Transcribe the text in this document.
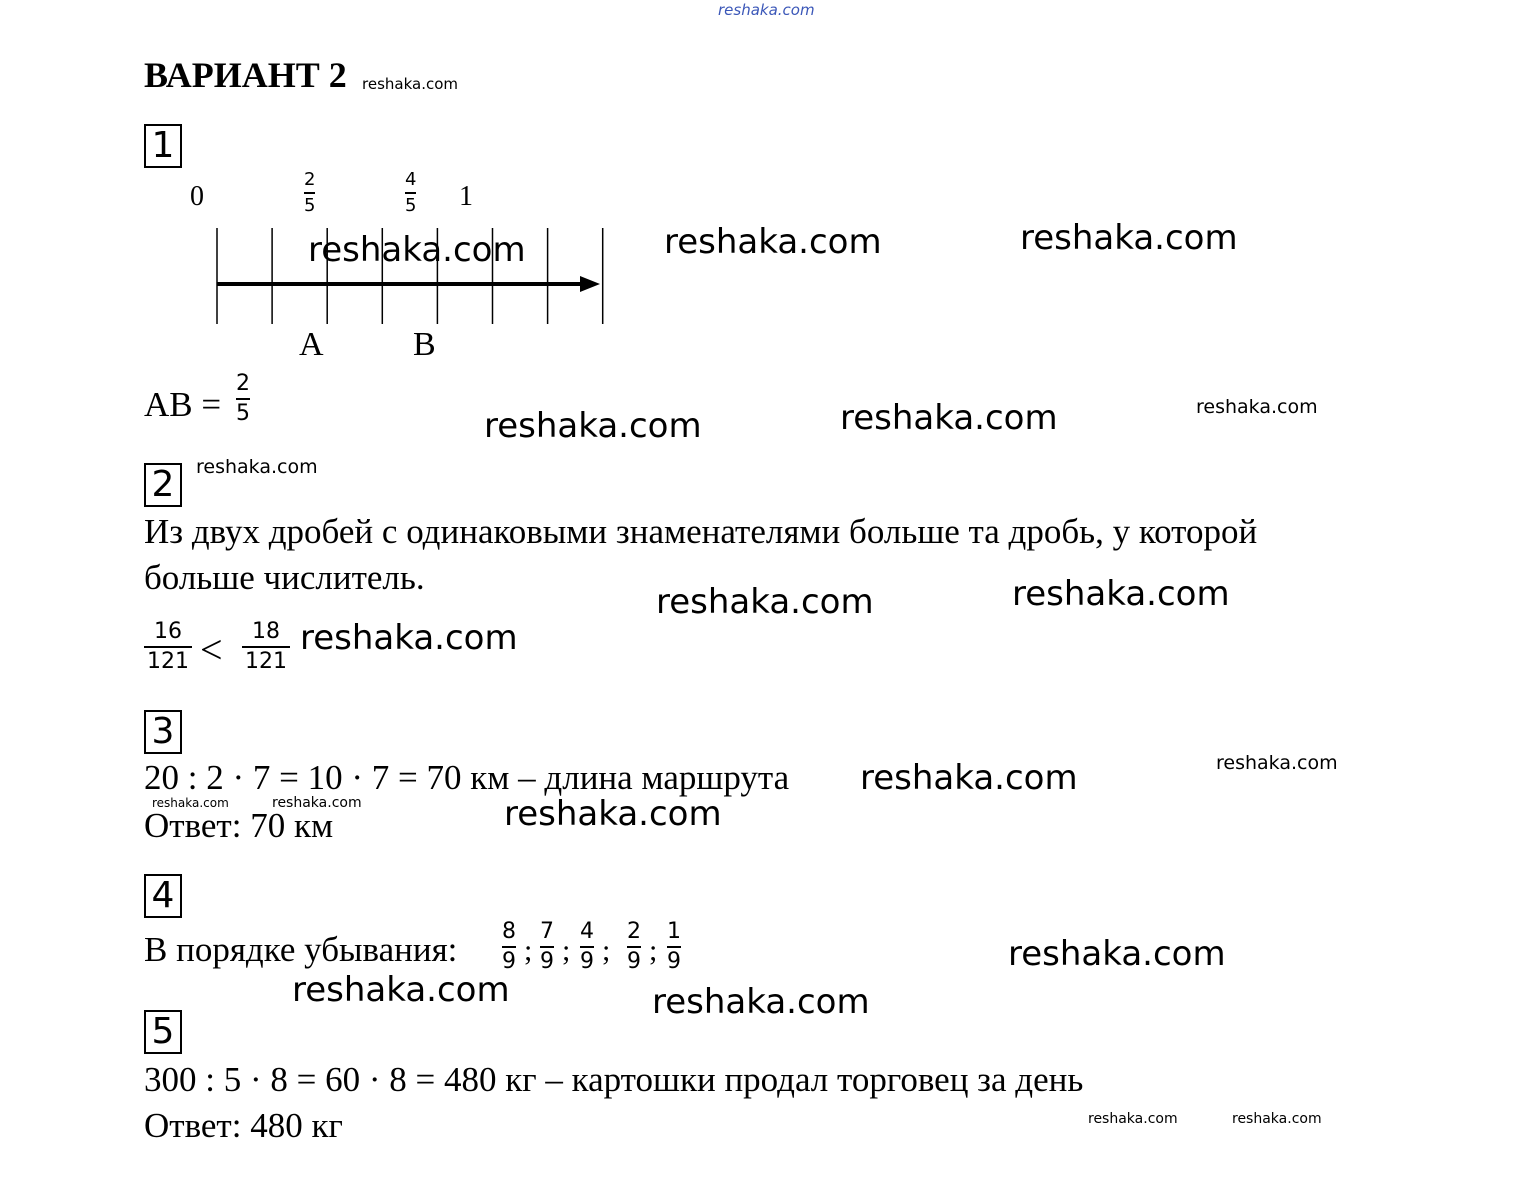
reshaka.com
ВАРИАНТ 2 reshaka.com
1
0
2
5
4
5 1
A	B
AB =
2
5
2
Из двух дробей с одинаковыми знаменателями больше та дробь, у которой
больше числитель.
16
121 < 18
121
3
20 : 2 · 7 = 10 · 7 = 70 км – длина маршрута
Ответ: 70 км
4
В порядке убывания: 8
9 ;
7
9 ;
4
9 ;
2
9 ;
1
9
5
300 : 5 · 8 = 60 · 8 = 480 кг – картошки продал торговец за день
Ответ: 480 кг
reshaka.com	reshaka.com	reshaka.com
reshaka.com	reshaka.com	reshaka.com
reshaka.com
reshaka.com	reshaka.com
reshaka.com
reshaka.com	reshaka.com
reshaka.com	reshaka.com	reshaka.com
reshaka.com
reshaka.com	reshaka.com
reshaka.com	reshaka.com
